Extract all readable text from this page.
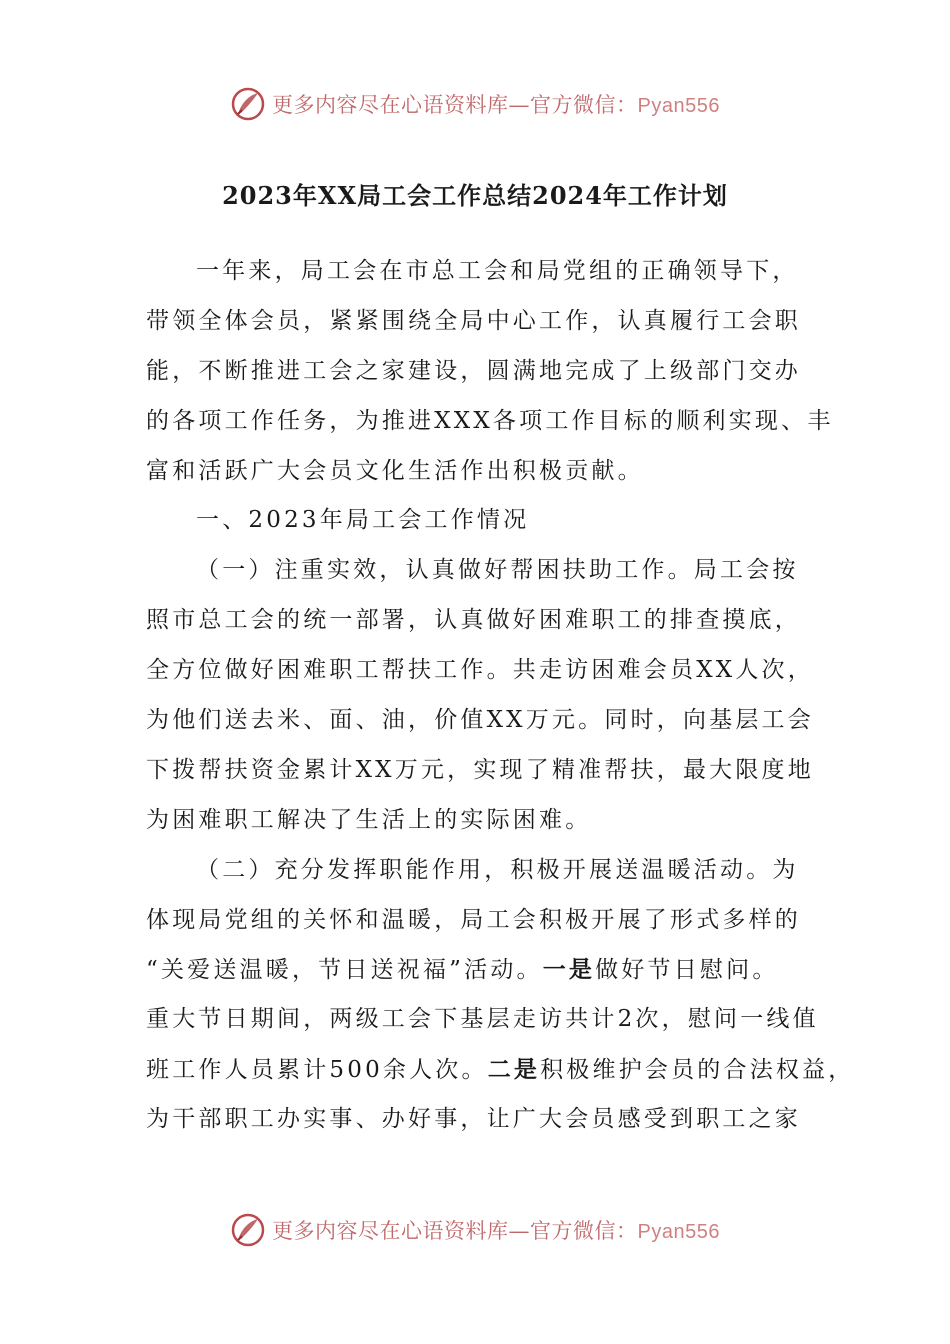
更多内容尽在心语资料库—官方微信：Pyan556
2023年XX局工会工作总结2024年工作计划
一年来，局工会在市总工会和局党组的正确领导下，
带领全体会员，紧紧围绕全局中心工作，认真履行工会职
能，不断推进工会之家建设，圆满地完成了上级部门交办
的各项工作任务，为推进XXX各项工作目标的顺利实现、丰
富和活跃广大会员文化生活作出积极贡献。
一、2023年局工会工作情况
（一）注重实效，认真做好帮困扶助工作。局工会按
照市总工会的统一部署，认真做好困难职工的排查摸底，
全方位做好困难职工帮扶工作。共走访困难会员XX人次，
为他们送去米、面、油，价值XX万元。同时，向基层工会
下拨帮扶资金累计XX万元，实现了精准帮扶，最大限度地
为困难职工解决了生活上的实际困难。
（二）充分发挥职能作用，积极开展送温暖活动。为
体现局党组的关怀和温暖，局工会积极开展了形式多样的
“关爱送温暖，节日送祝福”活动。一是做好节日慰问。
重大节日期间，两级工会下基层走访共计2次，慰问一线值
班工作人员累计500余人次。二是积极维护会员的合法权益，
为干部职工办实事、办好事，让广大会员感受到职工之家
更多内容尽在心语资料库—官方微信：Pyan556
